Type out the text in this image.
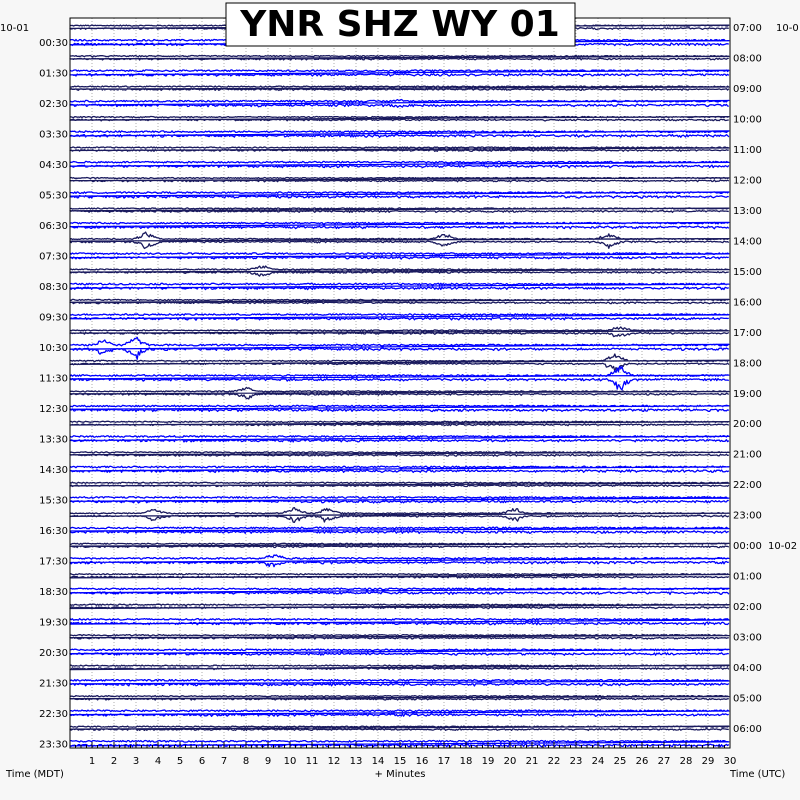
00:30
01:30
02:30
03:30
04:30
05:30
06:30
07:30
08:30
09:30
10:30
11:30
12:30
13:30
14:30
15:30
16:30
17:30
18:30
19:30
20:30
21:30
22:30
23:30
07:00
08:00
09:00
10:00
11:00
12:00
13:00
14:00
15:00
16:00
17:00
18:00
19:00
20:00
21:00
22:00
23:00
00:00 10-02
01:00
02:00
03:00
04:00
05:00
06:00
1 2 3 4 5 6 7 8 9 10 11 12 13 14 15 16 17 18 19 20 21 22 23 24 25 26 27 28 29 30
10-01	10-0
Time (MDT)	+ Minutes	Time (UTC)
YNR SHZ WY 01
